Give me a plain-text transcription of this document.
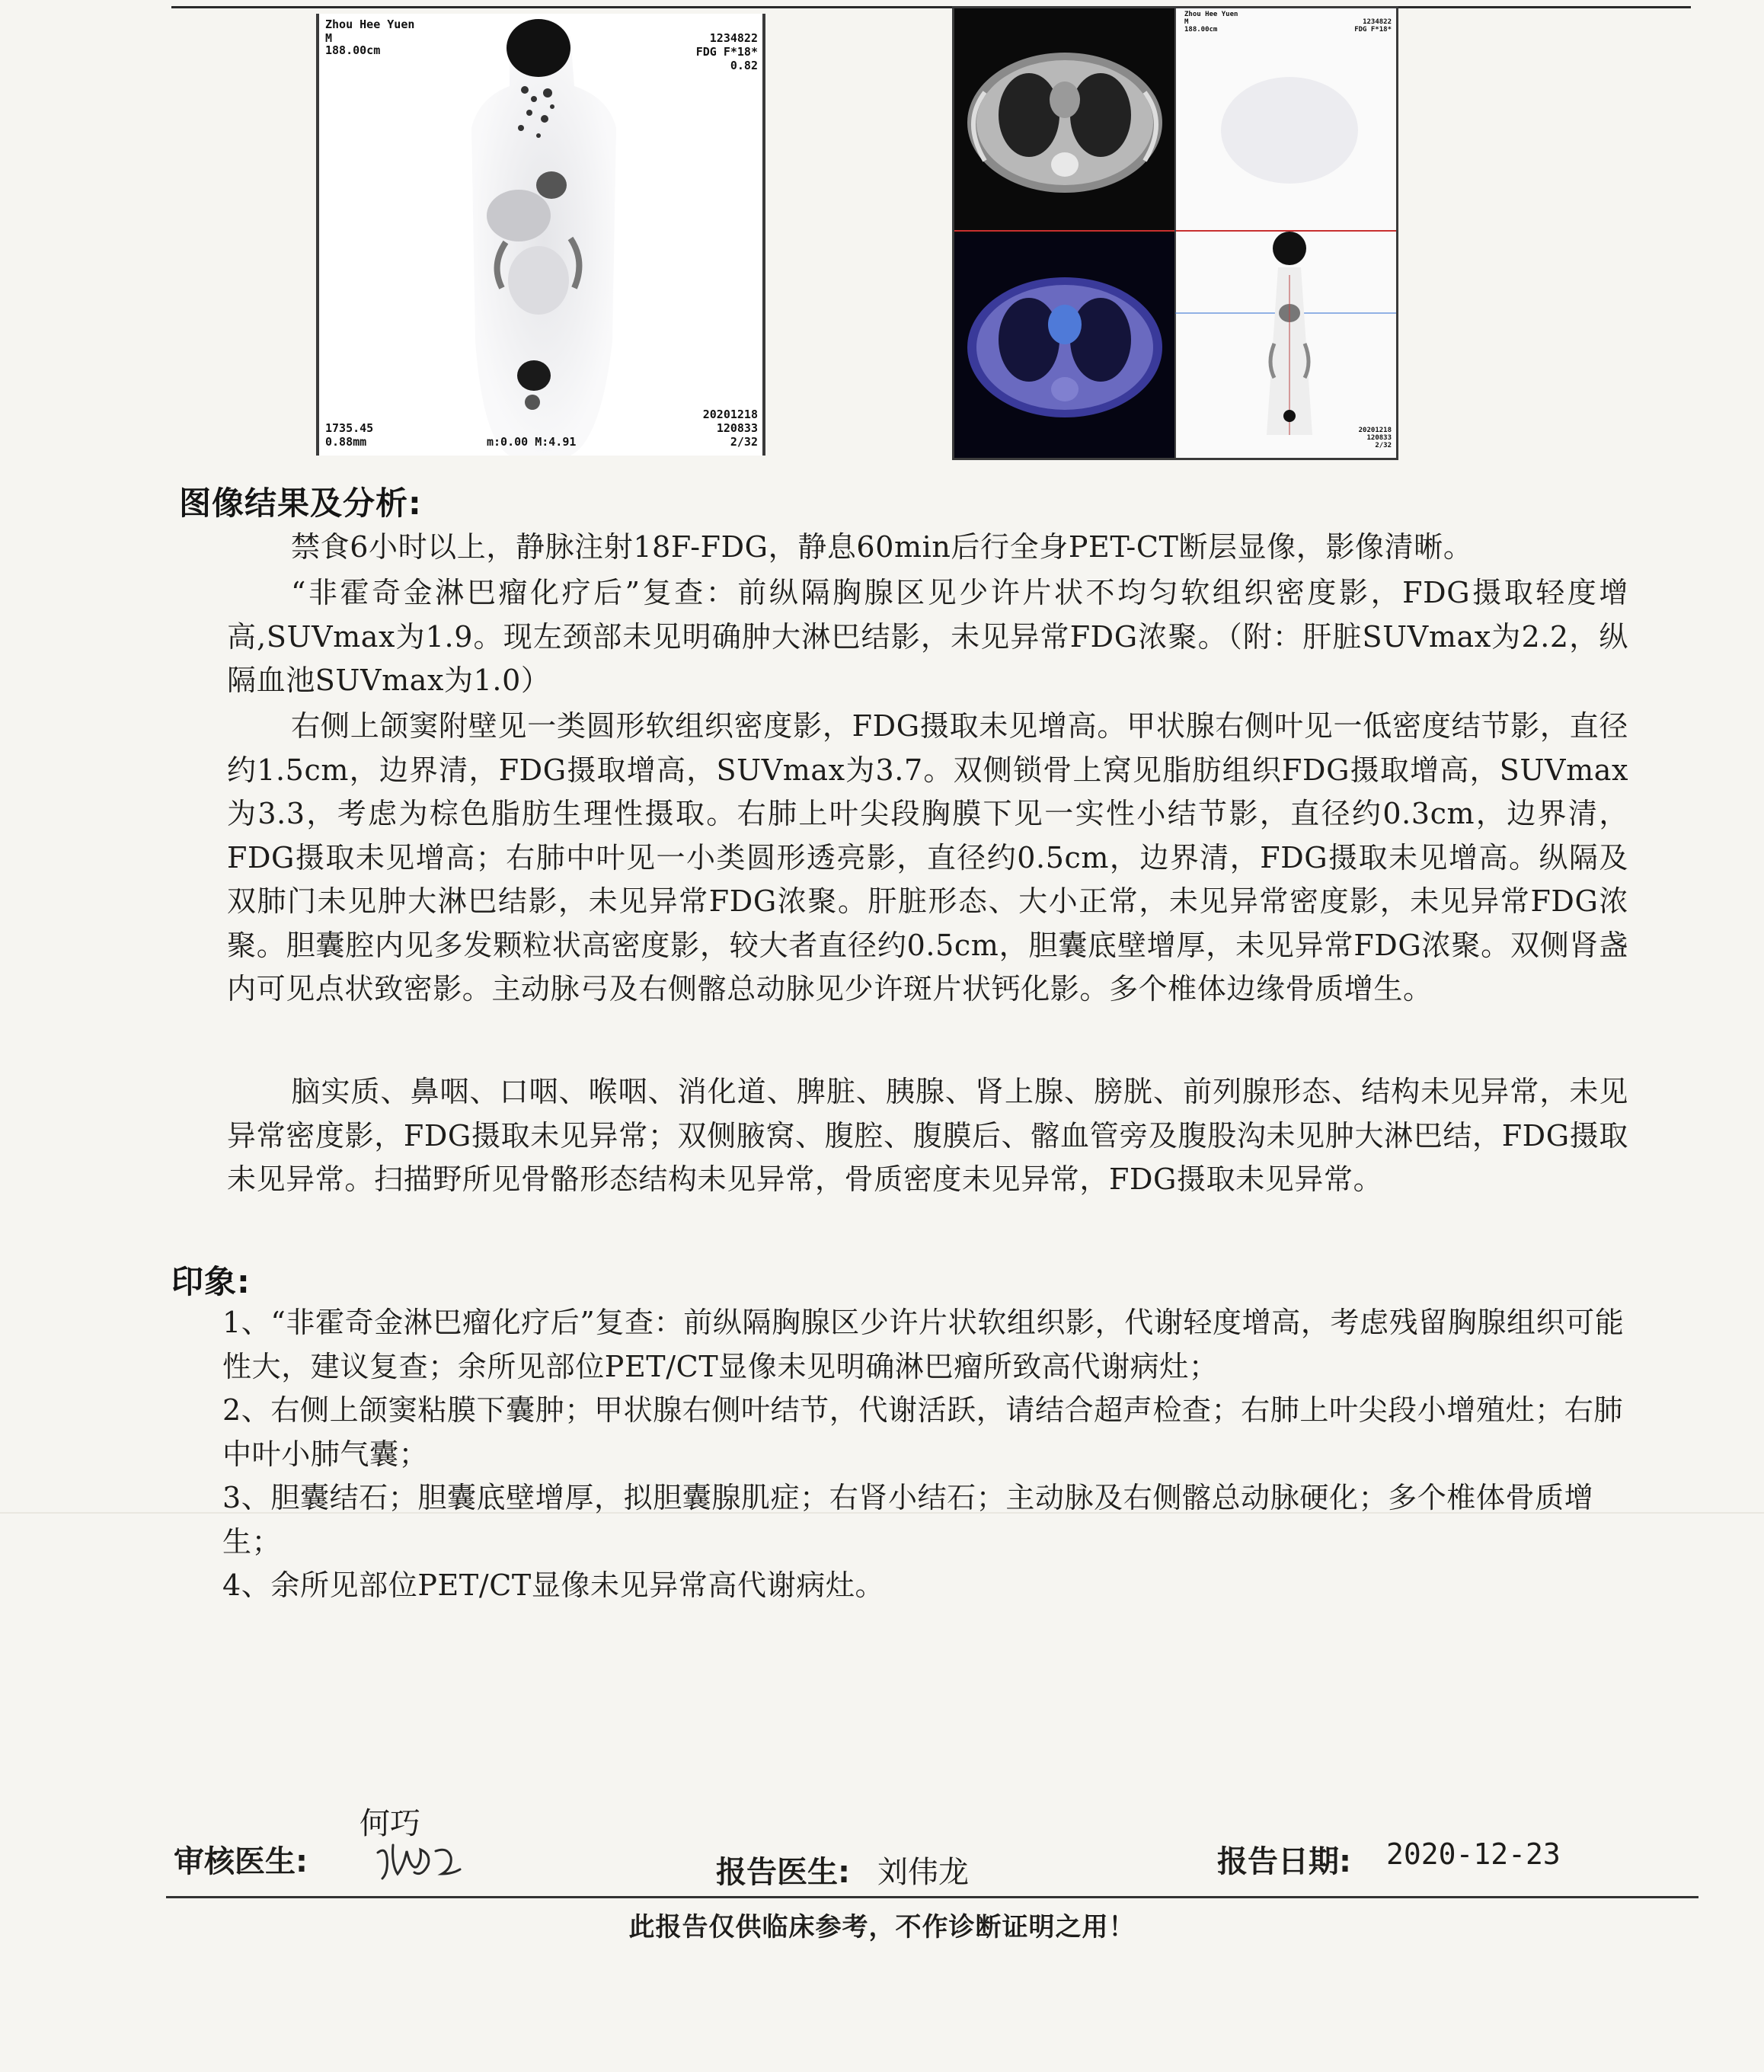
Zhou Hee Yuen
M
188.00cm
1234822
FDG F*18*
0.82
1735.45
0.88mm	m:0.00 M:4.91
20201218
120833
2/32
Zhou Hee Yuen
M
188.00cm
1234822
FDG F*18*
20201218
120833
2/32
图像结果及分析:

禁食6小时以上，静脉注射18F-FDG，静息60min后行全身PET-CT断层显像，影像清晰。

“非霍奇金淋巴瘤化疗后”复查：前纵隔胸腺区见少许片状不均匀软组织密度影，FDG摄取轻度增高,SUVmax为1.9。现左颈部未见明确肿大淋巴结影，未见异常FDG浓聚。（附：肝脏SUVmax为2.2，纵隔血池SUVmax为1.0）

右侧上颌窦附壁见一类圆形软组织密度影，FDG摄取未见增高。甲状腺右侧叶见一低密度结节影，直径约1.5cm，边界清，FDG摄取增高，SUVmax为3.7。双侧锁骨上窝见脂肪组织FDG摄取增高，SUVmax为3.3，考虑为棕色脂肪生理性摄取。右肺上叶尖段胸膜下见一实性小结节影，直径约0.3cm，边界清，FDG摄取未见增高；右肺中叶见一小类圆形透亮影，直径约0.5cm，边界清，FDG摄取未见增高。纵隔及双肺门未见肿大淋巴结影，未见异常FDG浓聚。肝脏形态、大小正常，未见异常密度影，未见异常FDG浓聚。胆囊腔内见多发颗粒状高密度影，较大者直径约0.5cm，胆囊底壁增厚，未见异常FDG浓聚。双侧肾盏内可见点状致密影。主动脉弓及右侧髂总动脉见少许斑片状钙化影。多个椎体边缘骨质增生。

脑实质、鼻咽、口咽、喉咽、消化道、脾脏、胰腺、肾上腺、膀胱、前列腺形态、结构未见异常，未见异常密度影，FDG摄取未见异常；双侧腋窝、腹腔、腹膜后、髂血管旁及腹股沟未见肿大淋巴结，FDG摄取未见异常。扫描野所见骨骼形态结构未见异常，骨质密度未见异常，FDG摄取未见异常。

印象:
1、“非霍奇金淋巴瘤化疗后”复查：前纵隔胸腺区少许片状软组织影，代谢轻度增高，考虑残留胸腺组织可能性大，建议复查；余所见部位PET/CT显像未见明确淋巴瘤所致高代谢病灶；
2、右侧上颌窦粘膜下囊肿；甲状腺右侧叶结节，代谢活跃，请结合超声检查；右肺上叶尖段小增殖灶；右肺中叶小肺气囊；
3、胆囊结石；胆囊底壁增厚，拟胆囊腺肌症；右肾小结石；主动脉及右侧髂总动脉硬化；多个椎体骨质增生；
4、余所见部位PET/CT显像未见异常高代谢病灶。
审核医生:
何巧
报告医生: 刘伟龙	报告日期: 2020-12-23
此报告仅供临床参考，不作诊断证明之用！
